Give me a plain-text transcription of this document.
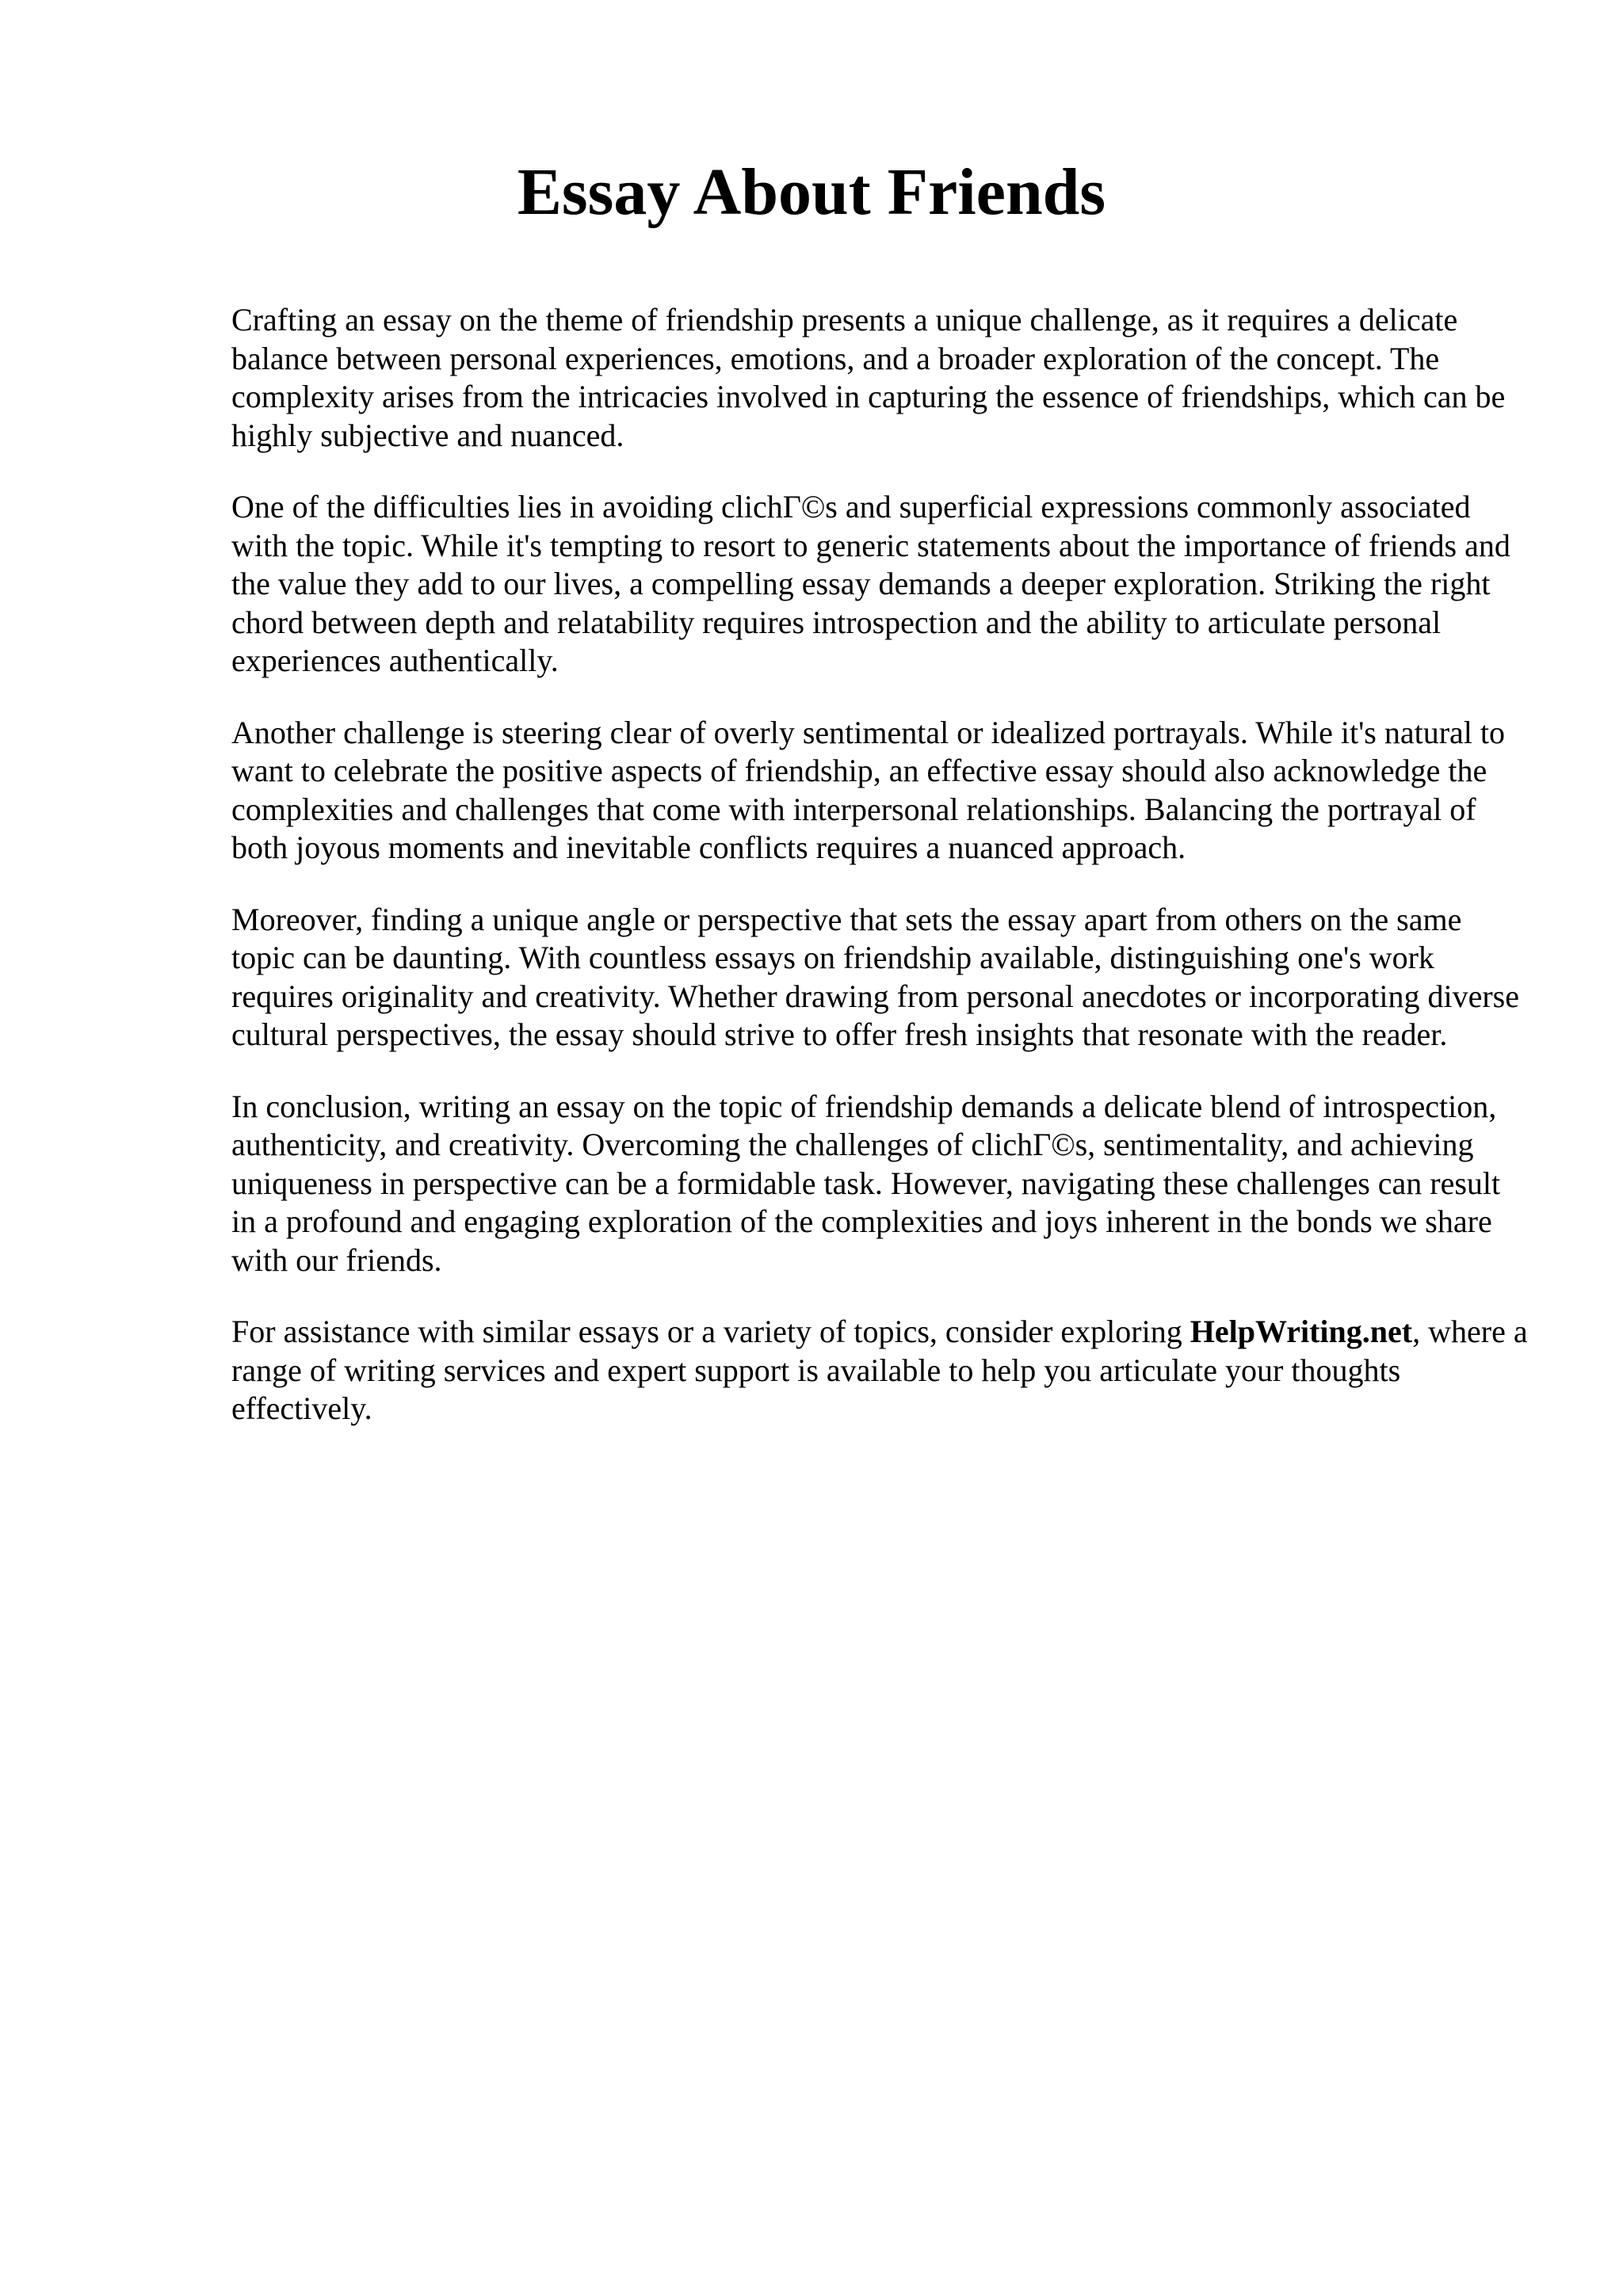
Essay About Friends

Crafting an essay on the theme of friendship presents a unique challenge, as it requires a delicate balance between personal experiences, emotions, and a broader exploration of the concept. The complexity arises from the intricacies involved in capturing the essence of friendships, which can be highly subjective and nuanced.

One of the difficulties lies in avoiding clichΓ©s and superficial expressions commonly associated with the topic. While it's tempting to resort to generic statements about the importance of friends and the value they add to our lives, a compelling essay demands a deeper exploration. Striking the right chord between depth and relatability requires introspection and the ability to articulate personal experiences authentically.

Another challenge is steering clear of overly sentimental or idealized portrayals. While it's natural to want to celebrate the positive aspects of friendship, an effective essay should also acknowledge the complexities and challenges that come with interpersonal relationships. Balancing the portrayal of both joyous moments and inevitable conflicts requires a nuanced approach.

Moreover, finding a unique angle or perspective that sets the essay apart from others on the same topic can be daunting. With countless essays on friendship available, distinguishing one's work requires originality and creativity. Whether drawing from personal anecdotes or incorporating diverse cultural perspectives, the essay should strive to offer fresh insights that resonate with the reader.

In conclusion, writing an essay on the topic of friendship demands a delicate blend of introspection, authenticity, and creativity. Overcoming the challenges of clichΓ©s, sentimentality, and achieving uniqueness in perspective can be a formidable task. However, navigating these challenges can result in a profound and engaging exploration of the complexities and joys inherent in the bonds we share with our friends.

For assistance with similar essays or a variety of topics, consider exploring HelpWriting.net, where a range of writing services and expert support is available to help you articulate your thoughts effectively.
